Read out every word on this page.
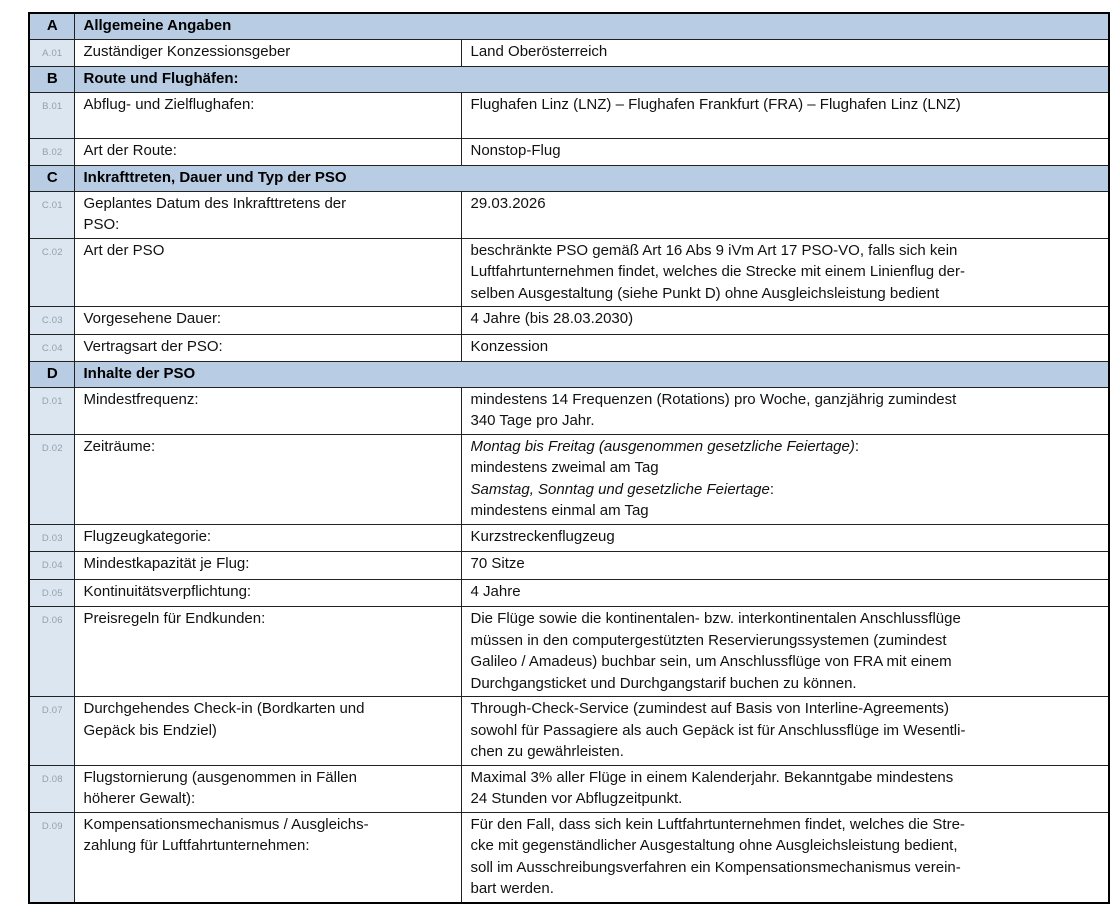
A	Allgemeine Angaben	
A.01	Zuständiger Konzessionsgeber	Land Oberösterreich
B	Route und Flughäfen:	
B.01	Abflug- und Zielflughafen:	Flughafen Linz (LNZ) – Flughafen Frankfurt (FRA) – Flughafen Linz (LNZ)
B.02	Art der Route:	Nonstop-Flug
C	Inkrafttreten, Dauer und Typ der PSO	
C.01	Geplantes Datum des Inkrafttretens der
PSO:	29.03.2026
C.02	Art der PSO	beschränkte PSO gemäß Art 16 Abs 9 iVm Art 17 PSO-VO, falls sich kein
Luftfahrtunternehmen findet, welches die Strecke mit einem Linienflug der-
selben Ausgestaltung (siehe Punkt D) ohne Ausgleichsleistung bedient
C.03	Vorgesehene Dauer:	4 Jahre (bis 28.03.2030)
C.04	Vertragsart der PSO:	Konzession
D	Inhalte der PSO	
D.01	Mindestfrequenz:	mindestens 14 Frequenzen (Rotations) pro Woche, ganzjährig zumindest
340 Tage pro Jahr.
D.02	Zeiträume:	Montag bis Freitag (ausgenommen gesetzliche Feiertage):
mindestens zweimal am Tag
Samstag, Sonntag und gesetzliche Feiertage:
mindestens einmal am Tag
D.03	Flugzeugkategorie:	Kurzstreckenflugzeug
D.04	Mindestkapazität je Flug:	70 Sitze
D.05	Kontinuitätsverpflichtung:	4 Jahre
D.06	Preisregeln für Endkunden:	Die Flüge sowie die kontinentalen- bzw. interkontinentalen Anschlussflüge
müssen in den computergestützten Reservierungssystemen (zumindest
Galileo / Amadeus) buchbar sein, um Anschlussflüge von FRA mit einem
Durchgangsticket und Durchgangstarif buchen zu können.
D.07	Durchgehendes Check-in (Bordkarten und
Gepäck bis Endziel)	Through-Check-Service (zumindest auf Basis von Interline-Agreements)
sowohl für Passagiere als auch Gepäck ist für Anschlussflüge im Wesentli-
chen zu gewährleisten.
D.08	Flugstornierung (ausgenommen in Fällen
höherer Gewalt):	Maximal 3% aller Flüge in einem Kalenderjahr. Bekanntgabe mindestens
24 Stunden vor Abflugzeitpunkt.
D.09	Kompensationsmechanismus / Ausgleichs-
zahlung für Luftfahrtunternehmen:	Für den Fall, dass sich kein Luftfahrtunternehmen findet, welches die Stre-
cke mit gegenständlicher Ausgestaltung ohne Ausgleichsleistung bedient,
soll im Ausschreibungsverfahren ein Kompensationsmechanismus verein-
bart werden.
